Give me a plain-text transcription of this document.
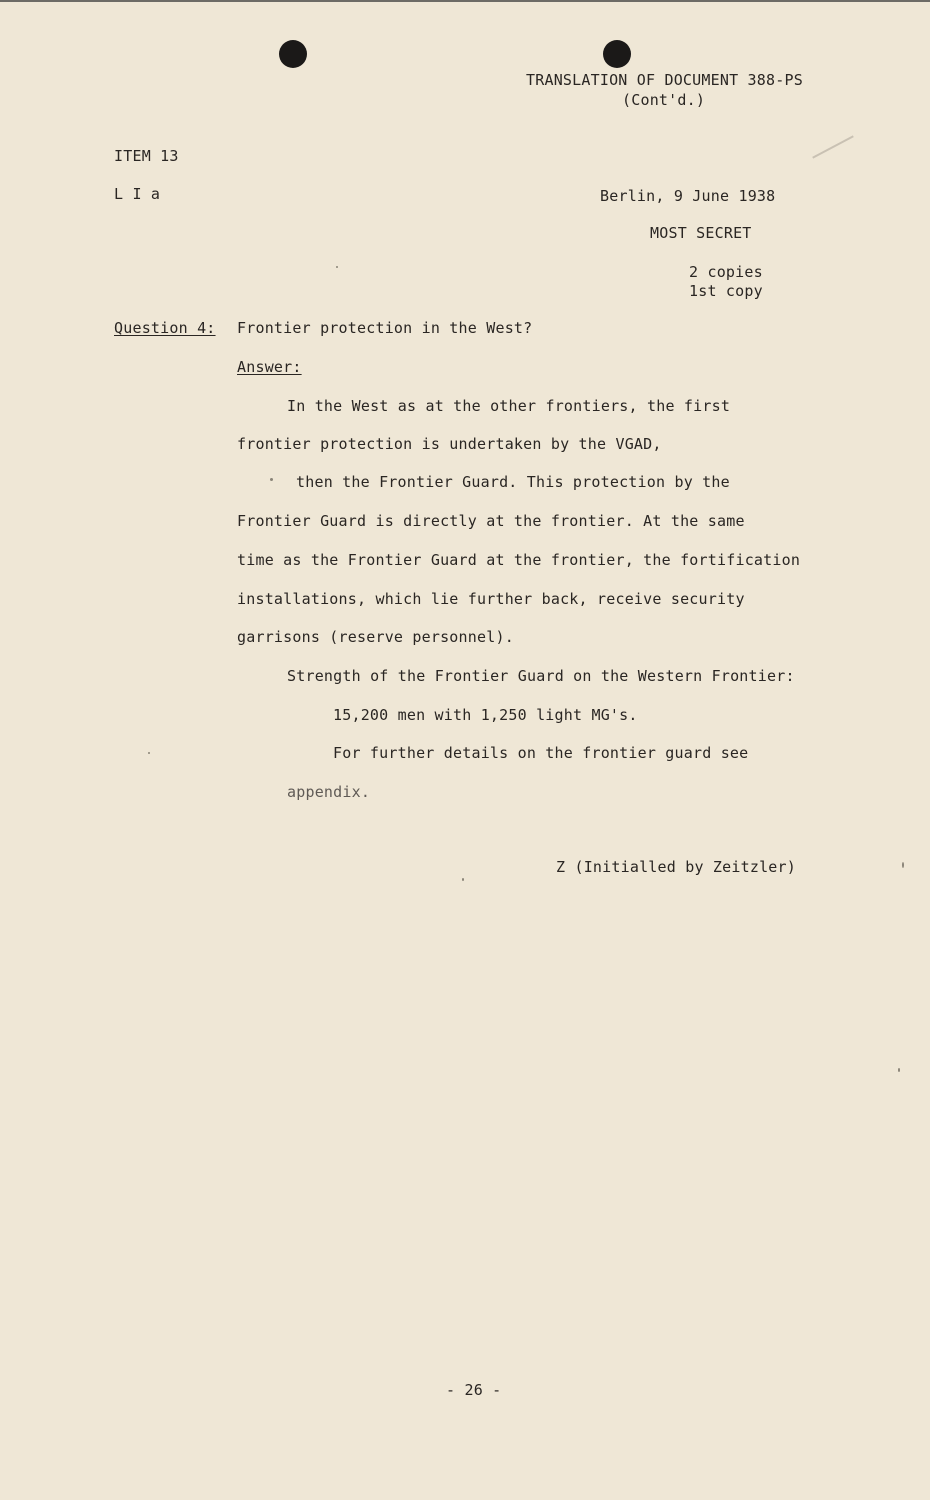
TRANSLATION OF DOCUMENT 388-PS
(Cont'd.)
ITEM 13
L I a	Berlin, 9 June 1938
MOST SECRET
2 copies
1st copy
Question 4: Frontier protection in the West?
Answer:
In the West as at the other frontiers, the first
frontier protection is undertaken by the VGAD,
then the Frontier Guard. This protection by the
Frontier Guard is directly at the frontier. At the same
time as the Frontier Guard at the frontier, the fortification
installations, which lie further back, receive security
garrisons (reserve personnel).
Strength of the Frontier Guard on the Western Frontier:
15,200 men with 1,250 light MG's.
For further details on the frontier guard see
appendix.
Z (Initialled by Zeitzler)
- 26 -
